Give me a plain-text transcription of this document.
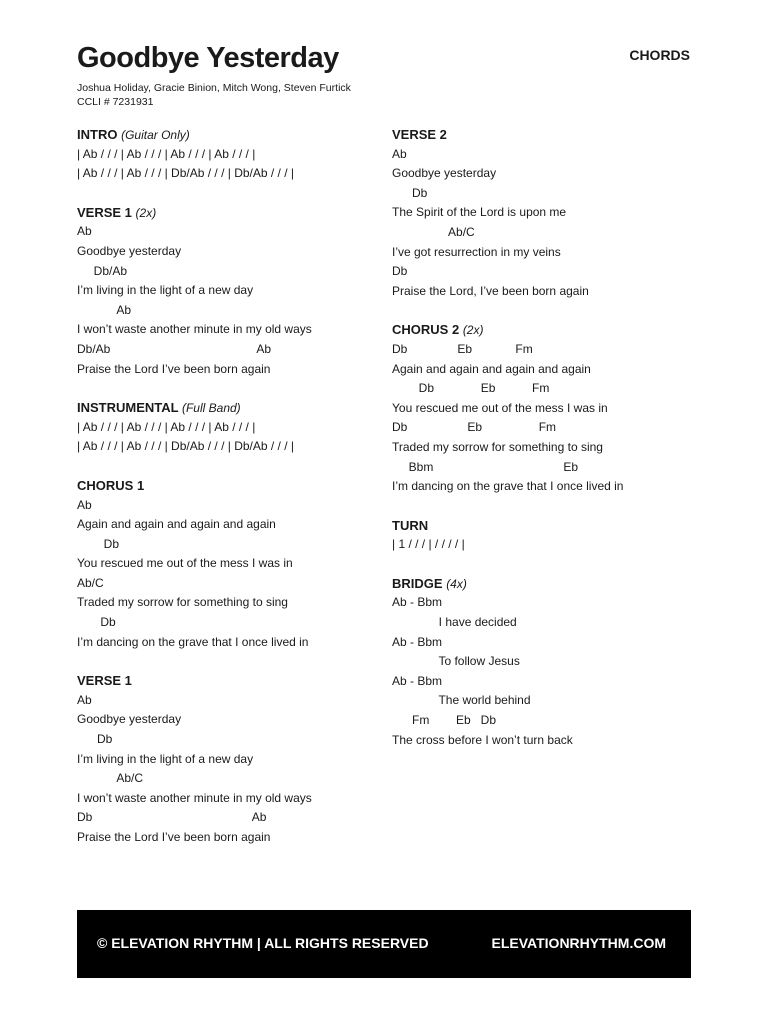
Goodbye Yesterday
Joshua Holiday, Gracie Binion, Mitch Wong, Steven Furtick
CCLI # 7231931
CHORDS
INTRO (Guitar Only)
| Ab / / / | Ab / / / | Ab / / / | Ab / / / |
| Ab / / / | Ab / / / | Db/Ab / / / | Db/Ab / / / |
VERSE 1 (2x)
Ab
Goodbye yesterday
Db/Ab
I’m living in the light of a new day
Ab
I won’t waste another minute in my old ways
Db/Ab                                            Ab
Praise the Lord I’ve been born again
INSTRUMENTAL (Full Band)
| Ab / / / | Ab / / / | Ab / / / | Ab / / / |
| Ab / / / | Ab / / / | Db/Ab / / / | Db/Ab / / / |
CHORUS 1
Ab
Again and again and again and again
Db
You rescued me out of the mess I was in
Ab/C
Traded my sorrow for something to sing
Db
I’m dancing on the grave that I once lived in
VERSE 1
Ab
Goodbye yesterday
Db
I’m living in the light of a new day
Ab/C
I won’t waste another minute in my old ways
Db                                                Ab
Praise the Lord I’ve been born again
VERSE 2
Ab
Goodbye yesterday
Db
The Spirit of the Lord is upon me
Ab/C
I’ve got resurrection in my veins
Db
Praise the Lord, I’ve been born again
CHORUS 2 (2x)
Db               Eb             Fm
Again and again and again and again
Db              Eb           Fm
You rescued me out of the mess I was in
Db                  Eb                 Fm
Traded my sorrow for something to sing
Bbm                                       Eb
I’m dancing on the grave that I once lived in
TURN
| 1 / / / | / / / / |
BRIDGE (4x)
Ab - Bbm
I have decided
Ab - Bbm
To follow Jesus
Ab - Bbm
The world behind
Fm        Eb   Db
The cross before I won’t turn back
© ELEVATION RHYTHM | ALL RIGHTS RESERVED	ELEVATIONRHYTHM.COM
